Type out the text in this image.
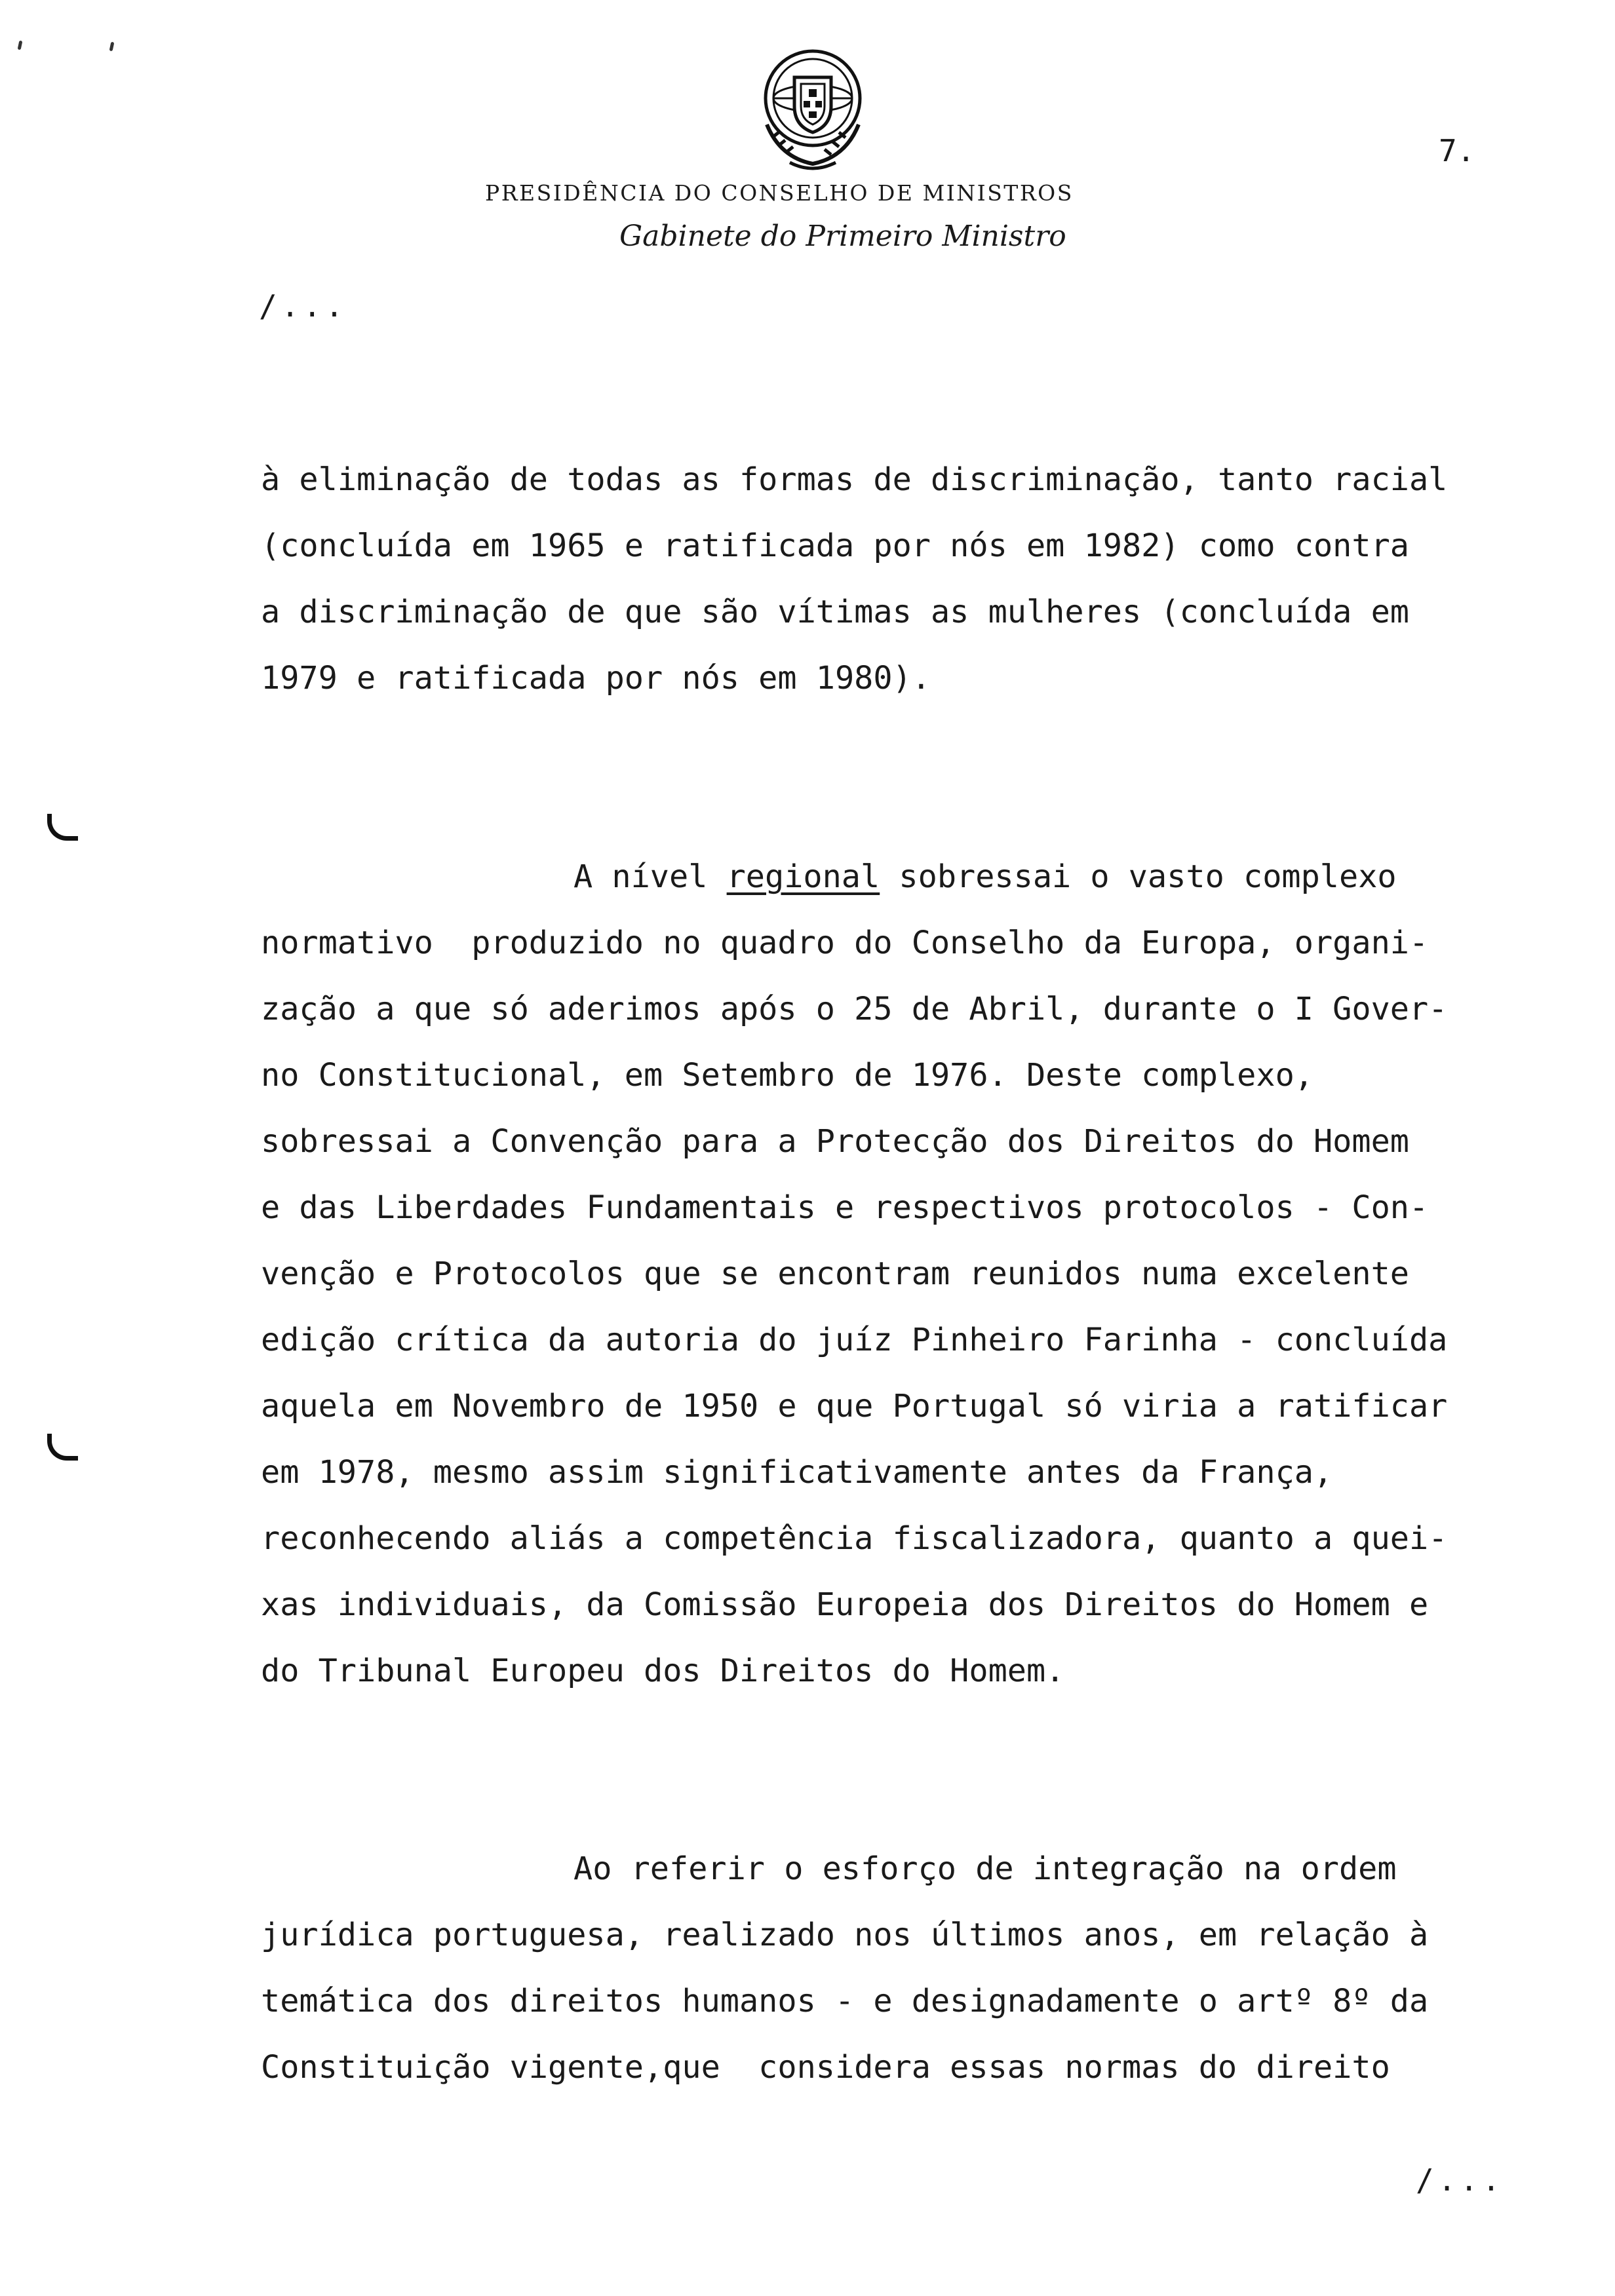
PRESIDÊNCIA DO CONSELHO DE MINISTROS
Gabinete do Primeiro Ministro
7.
/...
à eliminação de todas as formas de discriminação, tanto racial
(concluída em 1965 e ratificada por nós em 1982) como contra
a discriminação de que são vítimas as mulheres (concluída em
1979 e ratificada por nós em 1980).
A nível regional sobressai o vasto complexo
normativo  produzido no quadro do Conselho da Europa, organi-
zação a que só aderimos após o 25 de Abril, durante o I Gover-
no Constitucional, em Setembro de 1976. Deste complexo,
sobressai a Convenção para a Protecção dos Direitos do Homem
e das Liberdades Fundamentais e respectivos protocolos - Con-
venção e Protocolos que se encontram reunidos numa excelente
edição crítica da autoria do juíz Pinheiro Farinha - concluída
aquela em Novembro de 1950 e que Portugal só viria a ratificar
em 1978, mesmo assim significativamente antes da França,
reconhecendo aliás a competência fiscalizadora, quanto a quei-
xas individuais, da Comissão Europeia dos Direitos do Homem e
do Tribunal Europeu dos Direitos do Homem.
Ao referir o esforço de integração na ordem
jurídica portuguesa, realizado nos últimos anos, em relação à
temática dos direitos humanos - e designadamente o artº 8º da
Constituição vigente,que  considera essas normas do direito
/...
